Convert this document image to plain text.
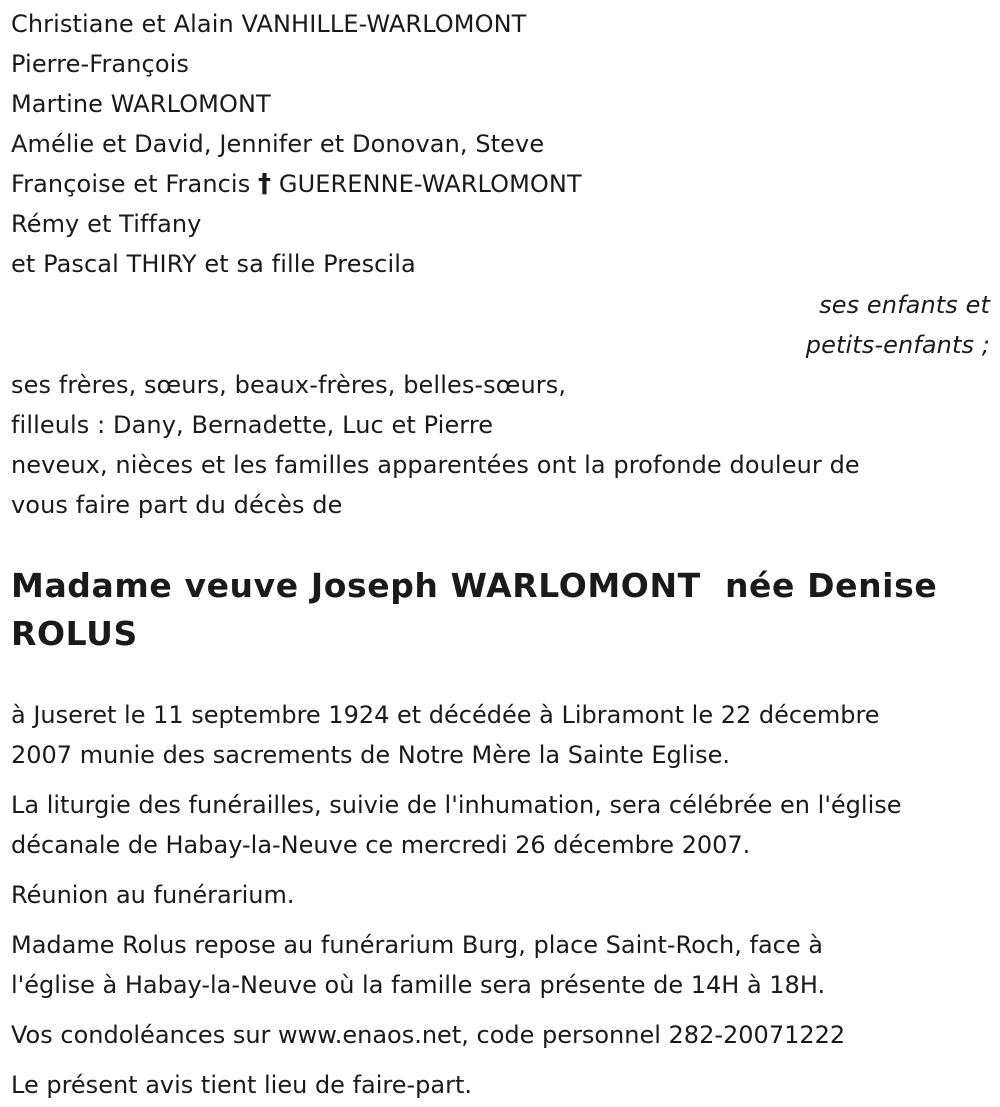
Christiane et Alain VANHILLE-WARLOMONT
Pierre-François
Martine WARLOMONT
Amélie et David, Jennifer et Donovan, Steve
Françoise et Francis † GUERENNE-WARLOMONT
Rémy et Tiffany
et Pascal THIRY et sa fille Prescila
ses enfants et
petits-enfants ;
ses frères, sœurs, beaux-frères, belles-sœurs,
filleuls : Dany, Bernadette, Luc et Pierre
neveux, nièces et les familles apparentées ont la profonde douleur de
vous faire part du décès de
Madame veuve Joseph WARLOMONT  née Denise
ROLUS
à Juseret le 11 septembre 1924 et décédée à Libramont le 22 décembre
2007 munie des sacrements de Notre Mère la Sainte Eglise.
La liturgie des funérailles, suivie de l'inhumation, sera célébrée en l'église
décanale de Habay-la-Neuve ce mercredi 26 décembre 2007.
Réunion au funérarium.
Madame Rolus repose au funérarium Burg, place Saint-Roch, face à
l'église à Habay-la-Neuve où la famille sera présente de 14H à 18H.
Vos condoléances sur www.enaos.net, code personnel 282-20071222
Le présent avis tient lieu de faire-part.
